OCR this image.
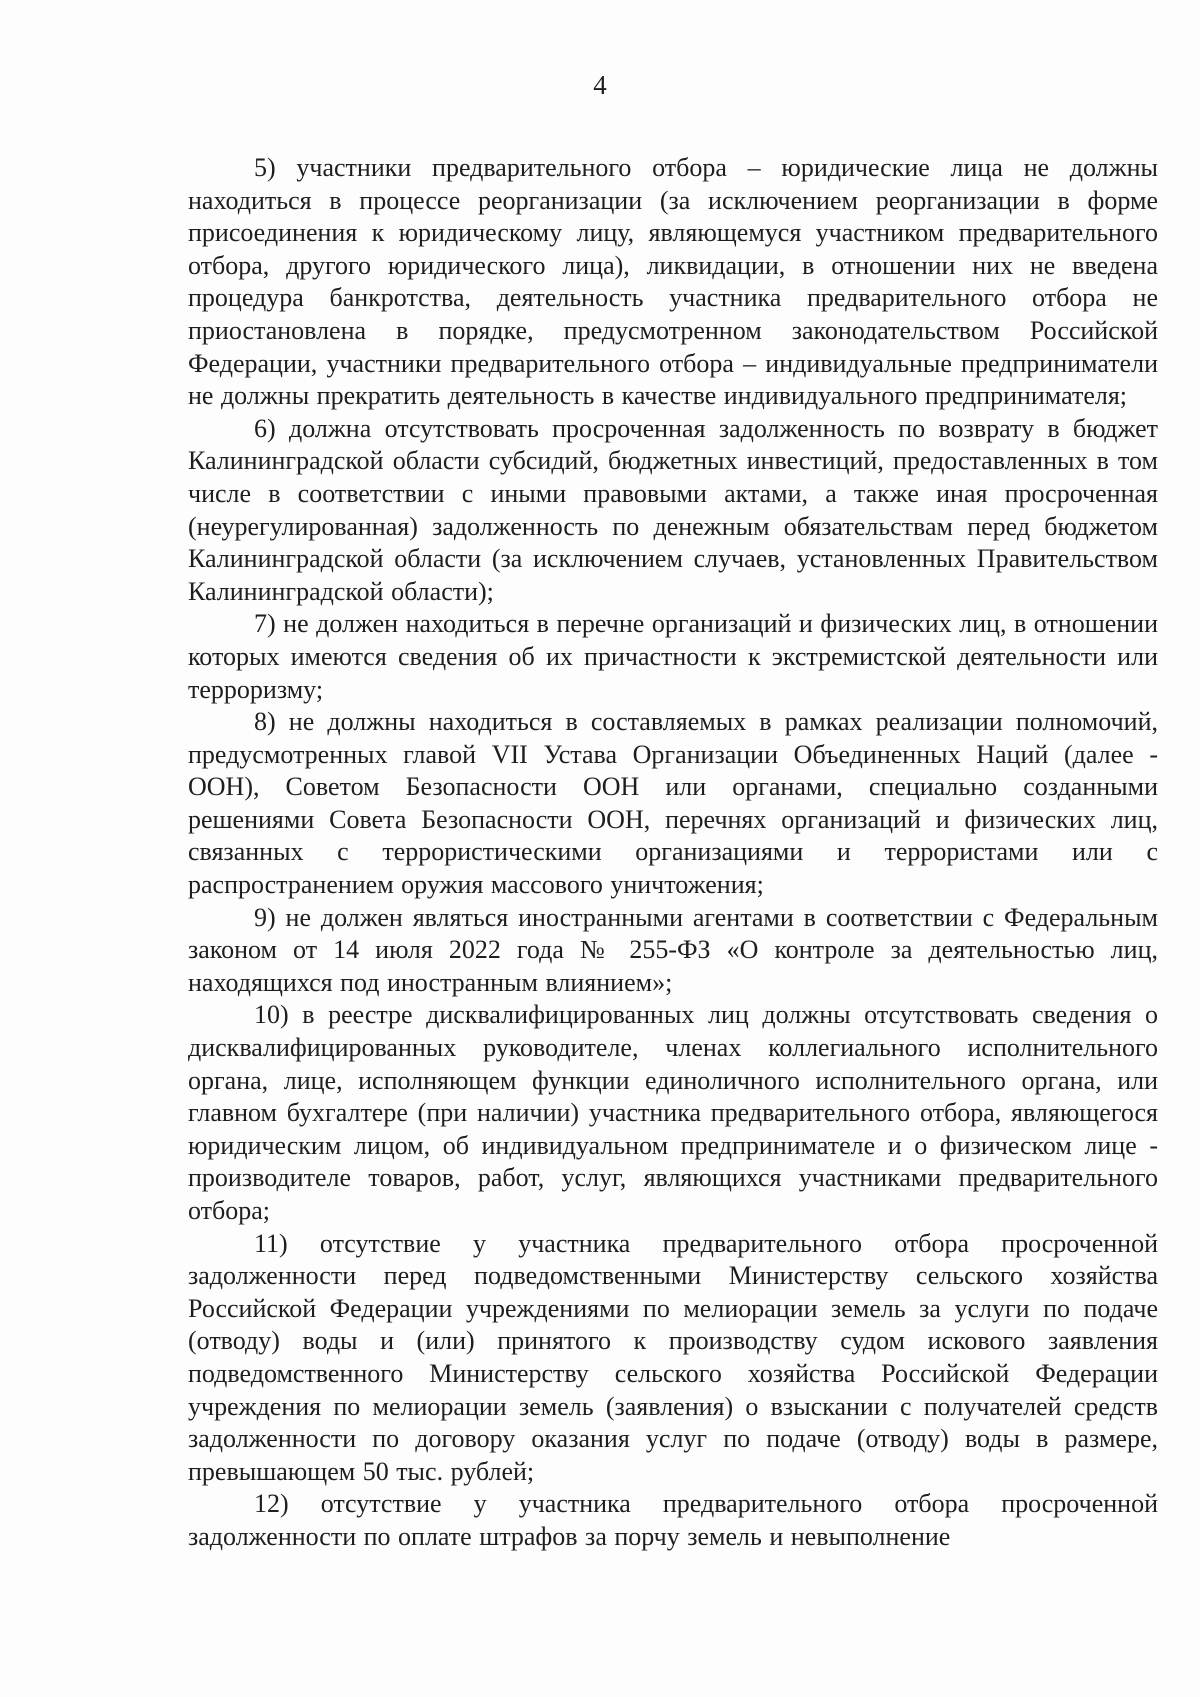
4

5) участники предварительного отбора – юридические лица не должны находиться в процессе реорганизации (за исключением реорганизации в форме присоединения к юридическому лицу, являющемуся участником предварительного отбора, другого юридического лица), ликвидации, в отношении них не введена процедура банкротства, деятельность участника предварительного отбора не приостановлена в порядке, предусмотренном законодательством Российской Федерации, участники предварительного отбора – индивидуальные предприниматели не должны прекратить деятельность в качестве индивидуального предпринимателя;

6) должна отсутствовать просроченная задолженность по возврату в бюджет Калининградской области субсидий, бюджетных инвестиций, предоставленных в том числе в соответствии с иными правовыми актами, а также иная просроченная (неурегулированная) задолженность по денежным обязательствам перед бюджетом Калининградской области (за исключением случаев, установленных Правительством Калининградской области);

7) не должен находиться в перечне организаций и физических лиц, в отношении которых имеются сведения об их причастности к экстремистской деятельности или терроризму;

8) не должны находиться в составляемых в рамках реализации полномочий, предусмотренных главой VII Устава Организации Объединенных Наций (далее - ООН), Советом Безопасности ООН или органами, специально созданными решениями Совета Безопасности ООН, перечнях организаций и физических лиц, связанных с террористическими организациями и террористами или с распространением оружия массового уничтожения;

9) не должен являться иностранными агентами в соответствии с Федеральным законом от 14 июля 2022 года № 255-ФЗ «О контроле за деятельностью лиц, находящихся под иностранным влиянием»;

10) в реестре дисквалифицированных лиц должны отсутствовать сведения о дисквалифицированных руководителе, членах коллегиального исполнительного органа, лице, исполняющем функции единоличного исполнительного органа, или главном бухгалтере (при наличии) участника предварительного отбора, являющегося юридическим лицом, об индивидуальном предпринимателе и о физическом лице - производителе товаров, работ, услуг, являющихся участниками предварительного отбора;

11) отсутствие у участника предварительного отбора просроченной задолженности перед подведомственными Министерству сельского хозяйства Российской Федерации учреждениями по мелиорации земель за услуги по подаче (отводу) воды и (или) принятого к производству судом искового заявления подведомственного Министерству сельского хозяйства Российской Федерации учреждения по мелиорации земель (заявления) о взыскании с получателей средств задолженности по договору оказания услуг по подаче (отводу) воды в размере, превышающем 50 тыс. рублей;

12) отсутствие у участника предварительного отбора просроченной задолженности по оплате штрафов за порчу земель и невыполнение
